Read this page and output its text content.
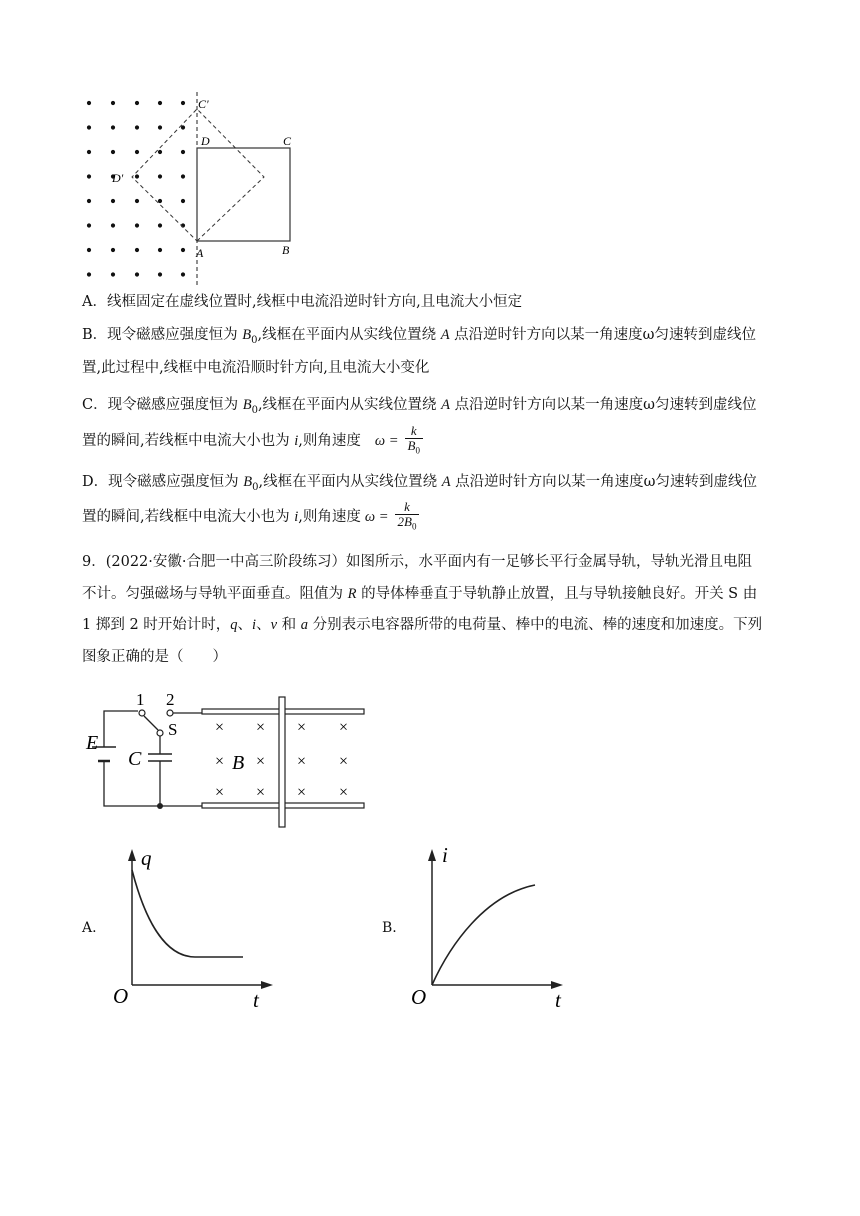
C'
D'
D	C
A	B
A．线框固定在虚线位置时,线框中电流沿逆时针方向,且电流大小恒定
B．现令磁感应强度恒为 $B_0$,线框在平面内从实线位置绕 A 点沿逆时针方向以某一角速度ω匀速转到虚线位
置,此过程中,线框中电流沿顺时针方向,且电流大小变化
C．现令磁感应强度恒为 $B_0$,线框在平面内从实线位置绕 A 点沿逆时针方向以某一角速度ω匀速转到虚线位
置的瞬间,若线框中电流大小也为 i,则角速度 $\omega = \frac{k}{B_0}$
D．现令磁感应强度恒为 $B_0$,线框在平面内从实线位置绕 A 点沿逆时针方向以某一角速度ω匀速转到虚线位
置的瞬间,若线框中电流大小也为 i,则角速度 $\omega = \frac{k}{2B_0}$
9．(2022·安徽·合肥一中高三阶段练习）如图所示，水平面内有一足够长平行金属导轨，导轨光滑且电阻
不计。匀强磁场与导轨平面垂直。阻值为 R 的导体棒垂直于导轨静止放置，且与导轨接触良好。开关 S 由
1 掷到 2 时开始计时，q、i、v 和 a 分别表示电容器所带的电荷量、棒中的电流、棒的速度和加速度。下列
图象正确的是（　　）
E
1 2
S
C
× × × ×
× × × ×
× × × ×
B
A.
q
O	t
B.
i
O	t
